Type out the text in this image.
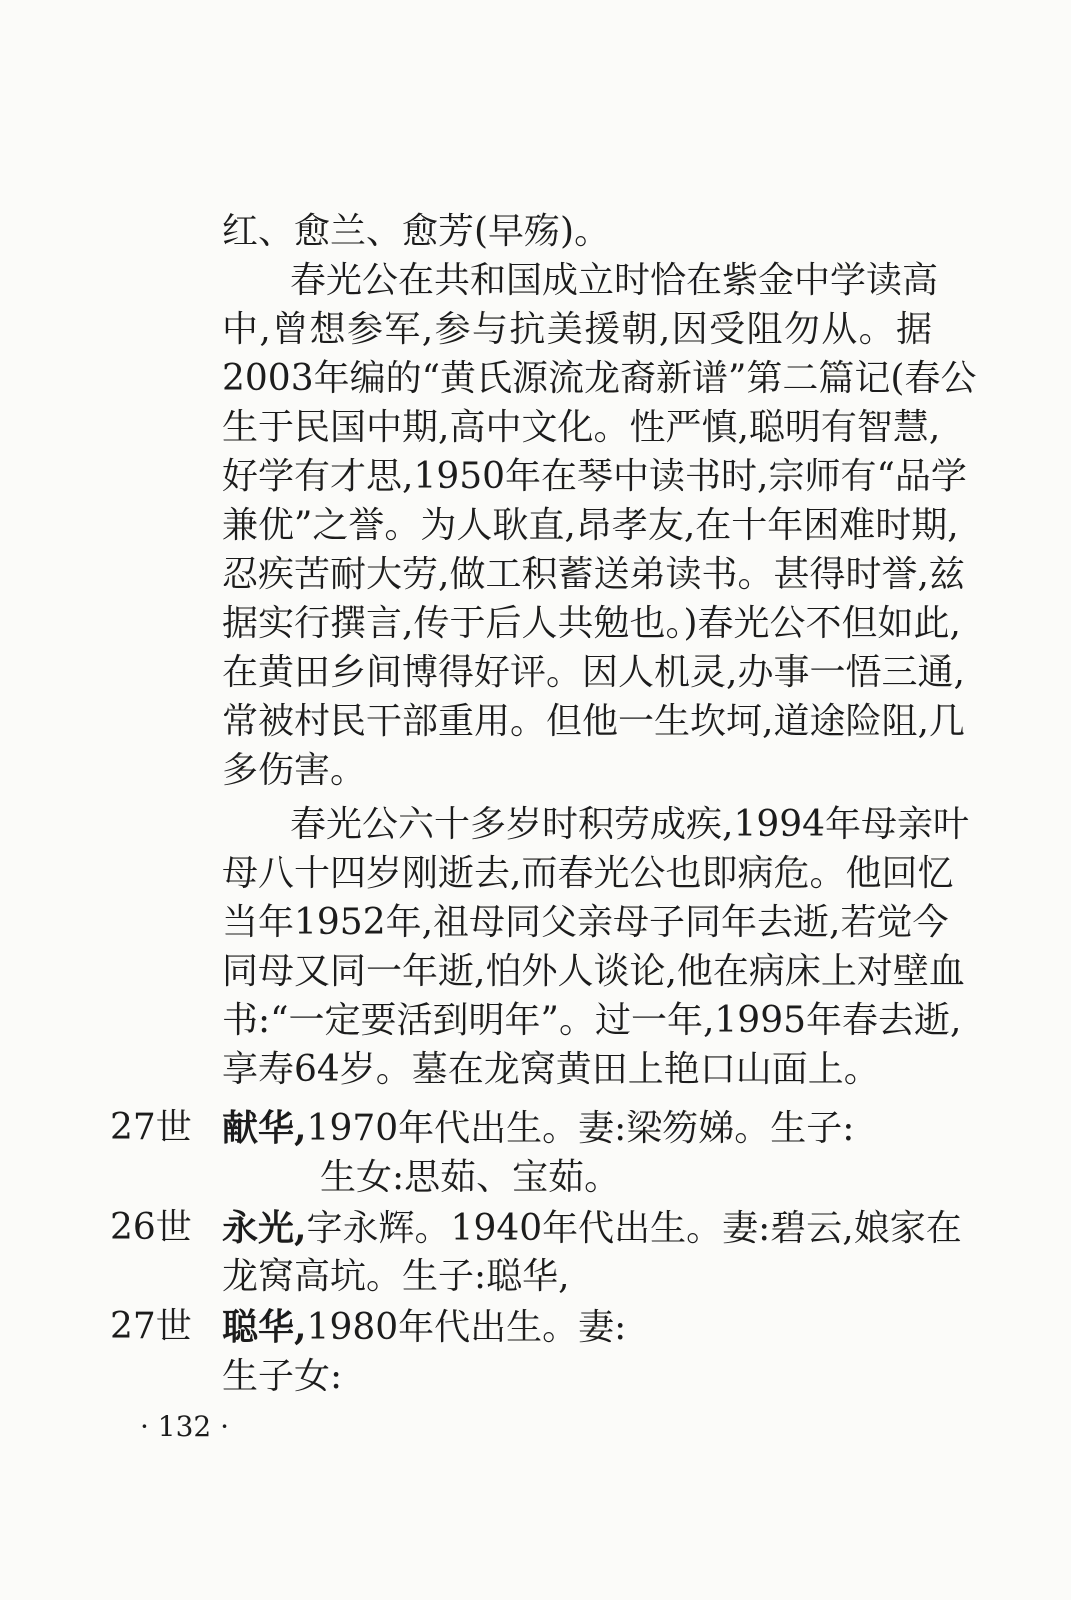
红、愈兰、愈芳(早殇)。
春光公在共和国成立时恰在紫金中学读高
中,曾想参军,参与抗美援朝,因受阻勿从。据
2003年编的“黄氏源流龙裔新谱”第二篇记(春公
生于民国中期,高中文化。性严慎,聪明有智慧,
好学有才思,1950年在琴中读书时,宗师有“品学
兼优”之誉。为人耿直,昂孝友,在十年困难时期,
忍疾苦耐大劳,做工积蓄送弟读书。甚得时誉,兹
据实行撰言,传于后人共勉也。)春光公不但如此,
在黄田乡间博得好评。因人机灵,办事一悟三通,
常被村民干部重用。但他一生坎坷,道途险阻,几
多伤害。
春光公六十多岁时积劳成疾,1994年母亲叶
母八十四岁刚逝去,而春光公也即病危。他回忆
当年1952年,祖母同父亲母子同年去逝,若觉今
同母又同一年逝,怕外人谈论,他在病床上对壁血
书:“一定要活到明年”。过一年,1995年春去逝,
享寿64岁。墓在龙窝黄田上艳口山面上。
27世 献华,1970年代出生。妻:梁笏娣。生子:
生女:思茹、宝茹。
26世 永光,字永辉。1940年代出生。妻:碧云,娘家在
龙窝高坑。生子:聪华,
27世 聪华,1980年代出生。妻:
生子女:
· 132 ·
